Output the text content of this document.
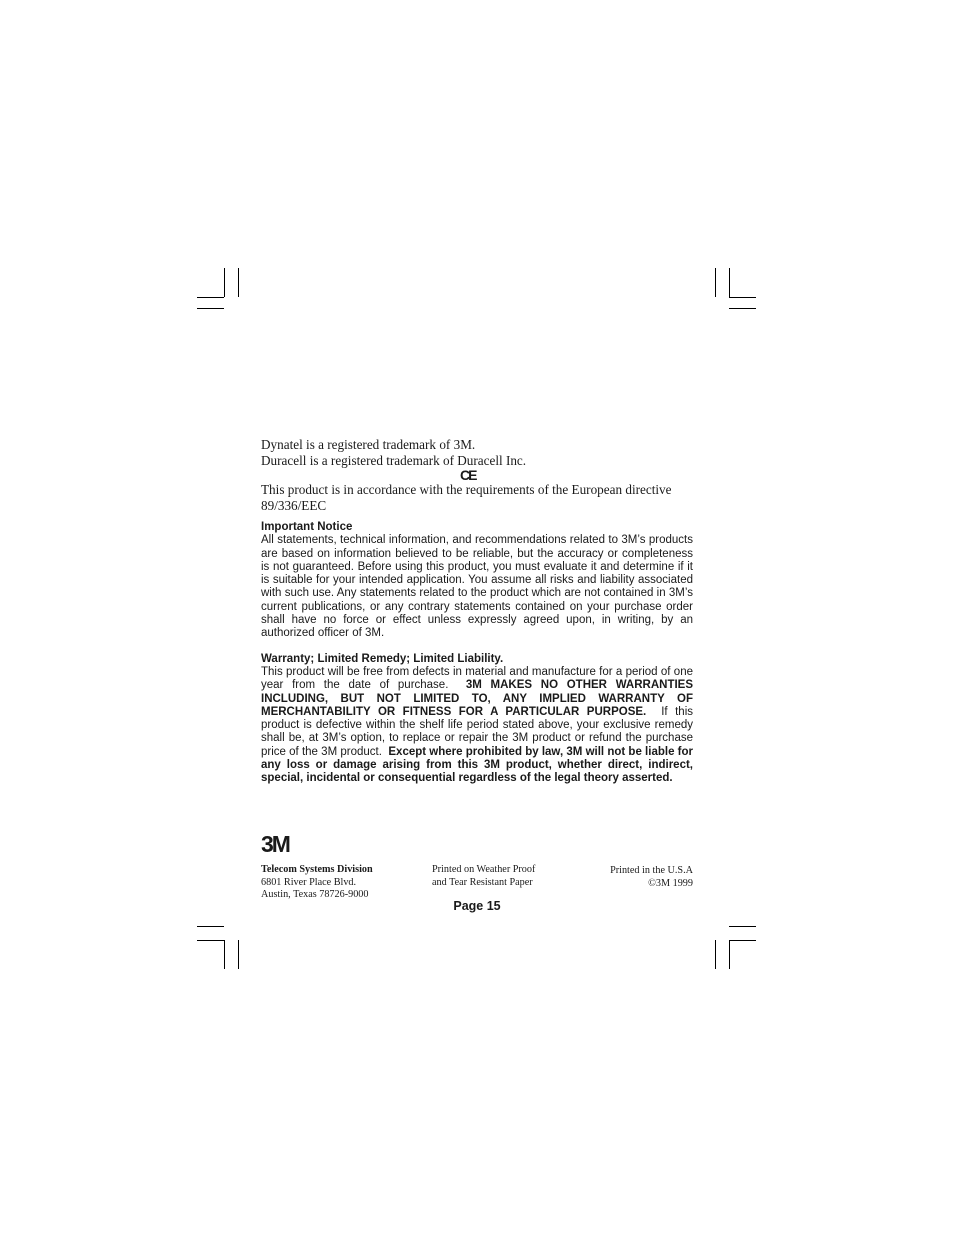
Dynatel is a registered trademark of 3M.
Duracell is a registered trademark of Duracell Inc.
CE
This product is in accordance with the requirements of the European directive 89/336/EEC
Important Notice

All statements, technical information, and recommendations related to 3M’s products are based on information believed to be reliable, but the accuracy or completeness is not guaranteed. Before using this product, you must evaluate it and determine if it is suitable for your intended application. You assume all risks and liability associated with such use. Any statements related to the product which are not contained in 3M’s current publications, or any contrary statements contained on your purchase order shall have no force or effect unless expressly agreed upon, in writing, by an authorized officer of 3M.

Warranty; Limited Remedy; Limited Liability.

This product will be free from defects in material and manufacture for a period of one year from the date of purchase. 3M MAKES NO OTHER WARRANTIES INCLUDING, BUT NOT LIMITED TO, ANY IMPLIED WARRANTY OF MERCHANTABILITY OR FITNESS FOR A PARTICULAR PURPOSE. If this product is defective within the shelf life period stated above, your exclusive remedy shall be, at 3M’s option, to replace or repair the 3M product or refund the purchase price of the 3M product. Except where prohibited by law, 3M will not be liable for any loss or damage arising from this 3M product, whether direct, indirect, special, incidental or consequential regardless of the legal theory asserted.

3M
Telecom Systems Division
6801 River Place Blvd.
Austin, Texas 78726-9000
Printed on Weather Proof
and Tear Resistant Paper
Printed in the U.S.A
©3M 1999
Page 15
